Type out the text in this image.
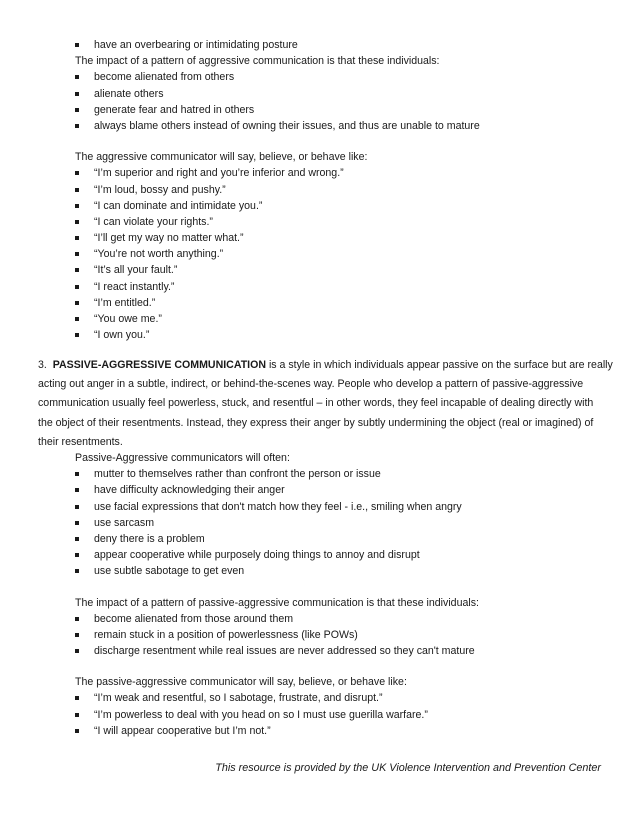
have an overbearing or intimidating posture
The impact of a pattern of aggressive communication is that these individuals:
become alienated from others
alienate others
generate fear and hatred in others
always blame others instead of owning their issues, and thus are unable to mature
The aggressive communicator will say, believe, or behave like:
“I’m superior and right and you’re inferior and wrong.”
“I’m loud, bossy and pushy.”
“I can dominate and intimidate you.”
“I can violate your rights.”
“I’ll get my way no matter what.”
“You’re not worth anything.”
“It’s all your fault.”
“I react instantly.”
“I’m entitled.”
“You owe me.”
“I own you.”
3. PASSIVE-AGGRESSIVE COMMUNICATION is a style in which individuals appear passive on the surface but are really
acting out anger in a subtle, indirect, or behind-the-scenes way. People who develop a pattern of passive-aggressive
communication usually feel powerless, stuck, and resentful – in other words, they feel incapable of dealing directly with
the object of their resentments. Instead, they express their anger by subtly undermining the object (real or imagined) of
their resentments.
Passive-Aggressive communicators will often:
mutter to themselves rather than confront the person or issue
have difficulty acknowledging their anger
use facial expressions that don't match how they feel - i.e., smiling when angry
use sarcasm
deny there is a problem
appear cooperative while purposely doing things to annoy and disrupt
use subtle sabotage to get even
The impact of a pattern of passive-aggressive communication is that these individuals:
become alienated from those around them
remain stuck in a position of powerlessness (like POWs)
discharge resentment while real issues are never addressed so they can't mature
The passive-aggressive communicator will say, believe, or behave like:
“I’m weak and resentful, so I sabotage, frustrate, and disrupt.”
“I’m powerless to deal with you head on so I must use guerilla warfare.”
“I will appear cooperative but I’m not.”
This resource is provided by the UK Violence Intervention and Prevention Center
